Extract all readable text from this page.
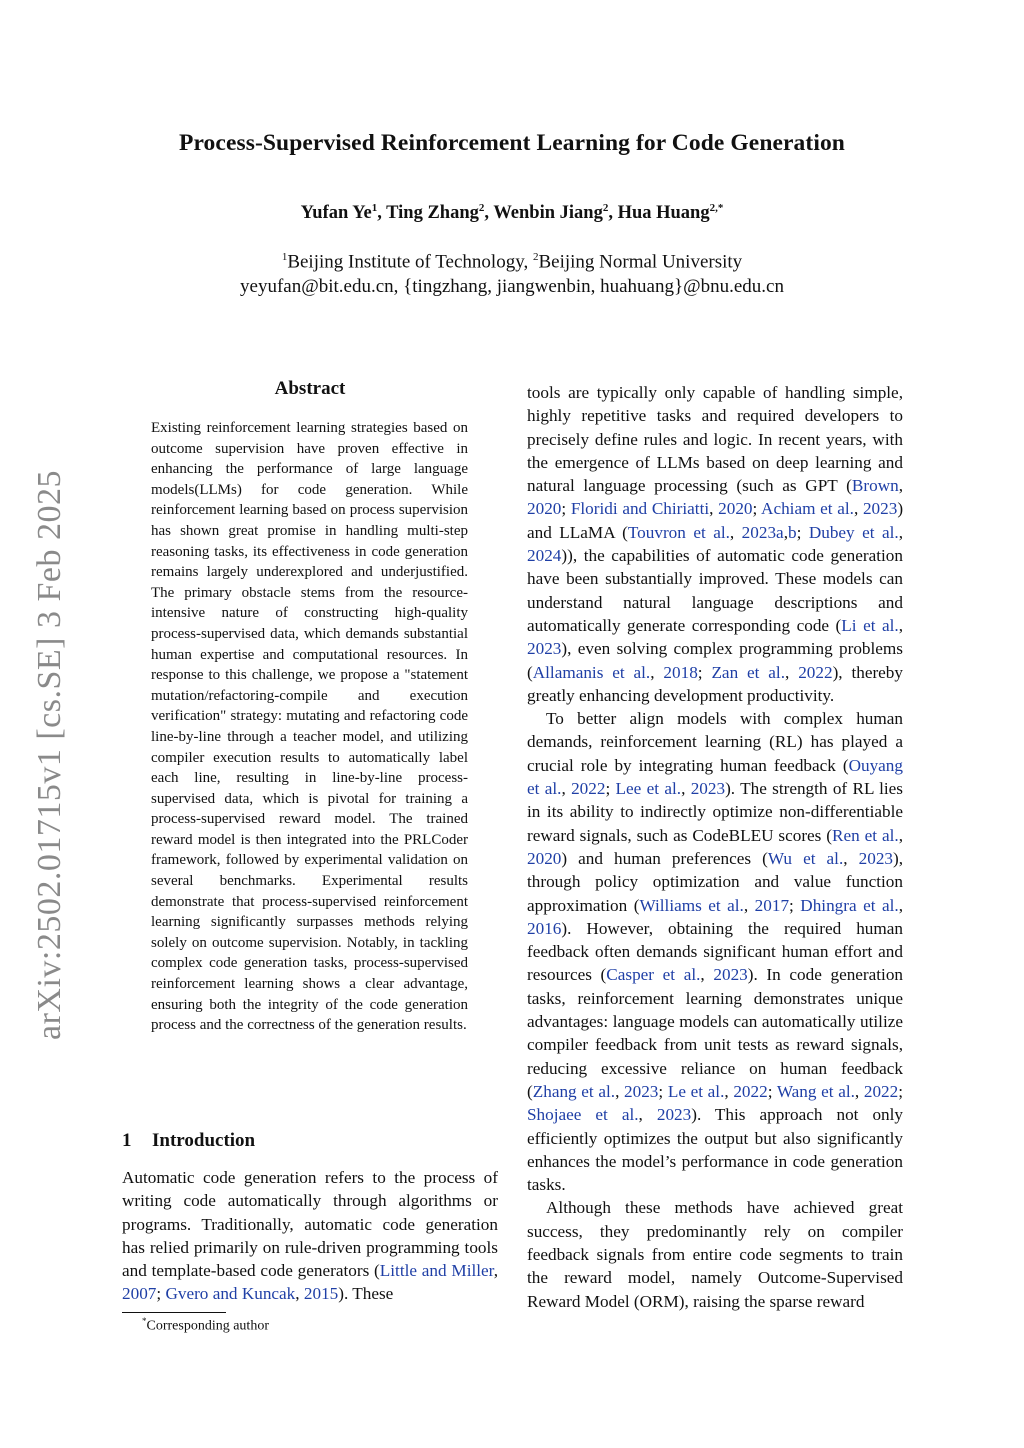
Process-Supervised Reinforcement Learning for Code Generation
Yufan Ye$^1$, Ting Zhang$^2$, Wenbin Jiang$^2$, Hua Huang$^{2,*}$
$^1$Beijing Institute of Technology, $^2$Beijing Normal University
yeyufan@bit.edu.cn, {tingzhang, jiangwenbin, huahuang}@bnu.edu.cn
arXiv:2502.01715v1 [cs.SE] 3 Feb 2025
Abstract
Existing reinforcement learning strategies based on outcome supervision have proven effective in enhancing the performance of large language models(LLMs) for code generation. While reinforcement learning based on process supervision has shown great promise in handling multi-step reasoning tasks, its effectiveness in code generation remains largely underexplored and underjustified. The primary obstacle stems from the resource-intensive nature of constructing high-quality process-supervised data, which demands substantial human expertise and computational resources. In response to this challenge, we propose a "statement mutation/refactoring-compile and execution verification" strategy: mutating and refactoring code line-by-line through a teacher model, and utilizing compiler execution results to automatically label each line, resulting in line-by-line process-supervised data, which is pivotal for training a process-supervised reward model. The trained reward model is then integrated into the PRLCoder framework, followed by experimental validation on several benchmarks. Experimental results demonstrate that process-supervised reinforcement learning significantly surpasses methods relying solely on outcome supervision. Notably, in tackling complex code generation tasks, process-supervised reinforcement learning shows a clear advantage, ensuring both the integrity of the code generation process and the correctness of the generation results.
1 Introduction
Automatic code generation refers to the process of writing code automatically through algorithms or programs. Traditionally, automatic code generation has relied primarily on rule-driven programming tools and template-based code generators (Little and Miller, 2007; Gvero and Kuncak, 2015). These

tools are typically only capable of handling simple, highly repetitive tasks and required developers to precisely define rules and logic. In recent years, with the emergence of LLMs based on deep learning and natural language processing (such as GPT (Brown, 2020; Floridi and Chiriatti, 2020; Achiam et al., 2023) and LLaMA (Touvron et al., 2023a,b; Dubey et al., 2024)), the capabilities of automatic code generation have been substantially improved. These models can understand natural language descriptions and automatically generate corresponding code (Li et al., 2023), even solving complex programming problems (Allamanis et al., 2018; Zan et al., 2022), thereby greatly enhancing development productivity.

To better align models with complex human demands, reinforcement learning (RL) has played a crucial role by integrating human feedback (Ouyang et al., 2022; Lee et al., 2023). The strength of RL lies in its ability to indirectly optimize non-differentiable reward signals, such as CodeBLEU scores (Ren et al., 2020) and human preferences (Wu et al., 2023), through policy optimization and value function approximation (Williams et al., 2017; Dhingra et al., 2016). However, obtaining the required human feedback often demands significant human effort and resources (Casper et al., 2023). In code generation tasks, reinforcement learning demonstrates unique advantages: language models can automatically utilize compiler feedback from unit tests as reward signals, reducing excessive reliance on human feedback (Zhang et al., 2023; Le et al., 2022; Wang et al., 2022; Shojaee et al., 2023). This approach not only efficiently optimizes the output but also significantly enhances the model’s performance in code generation tasks.

Although these methods have achieved great success, they predominantly rely on compiler feedback signals from entire code segments to train the reward model, namely Outcome-Supervised Reward Model (ORM), raising the sparse reward

*Corresponding author
